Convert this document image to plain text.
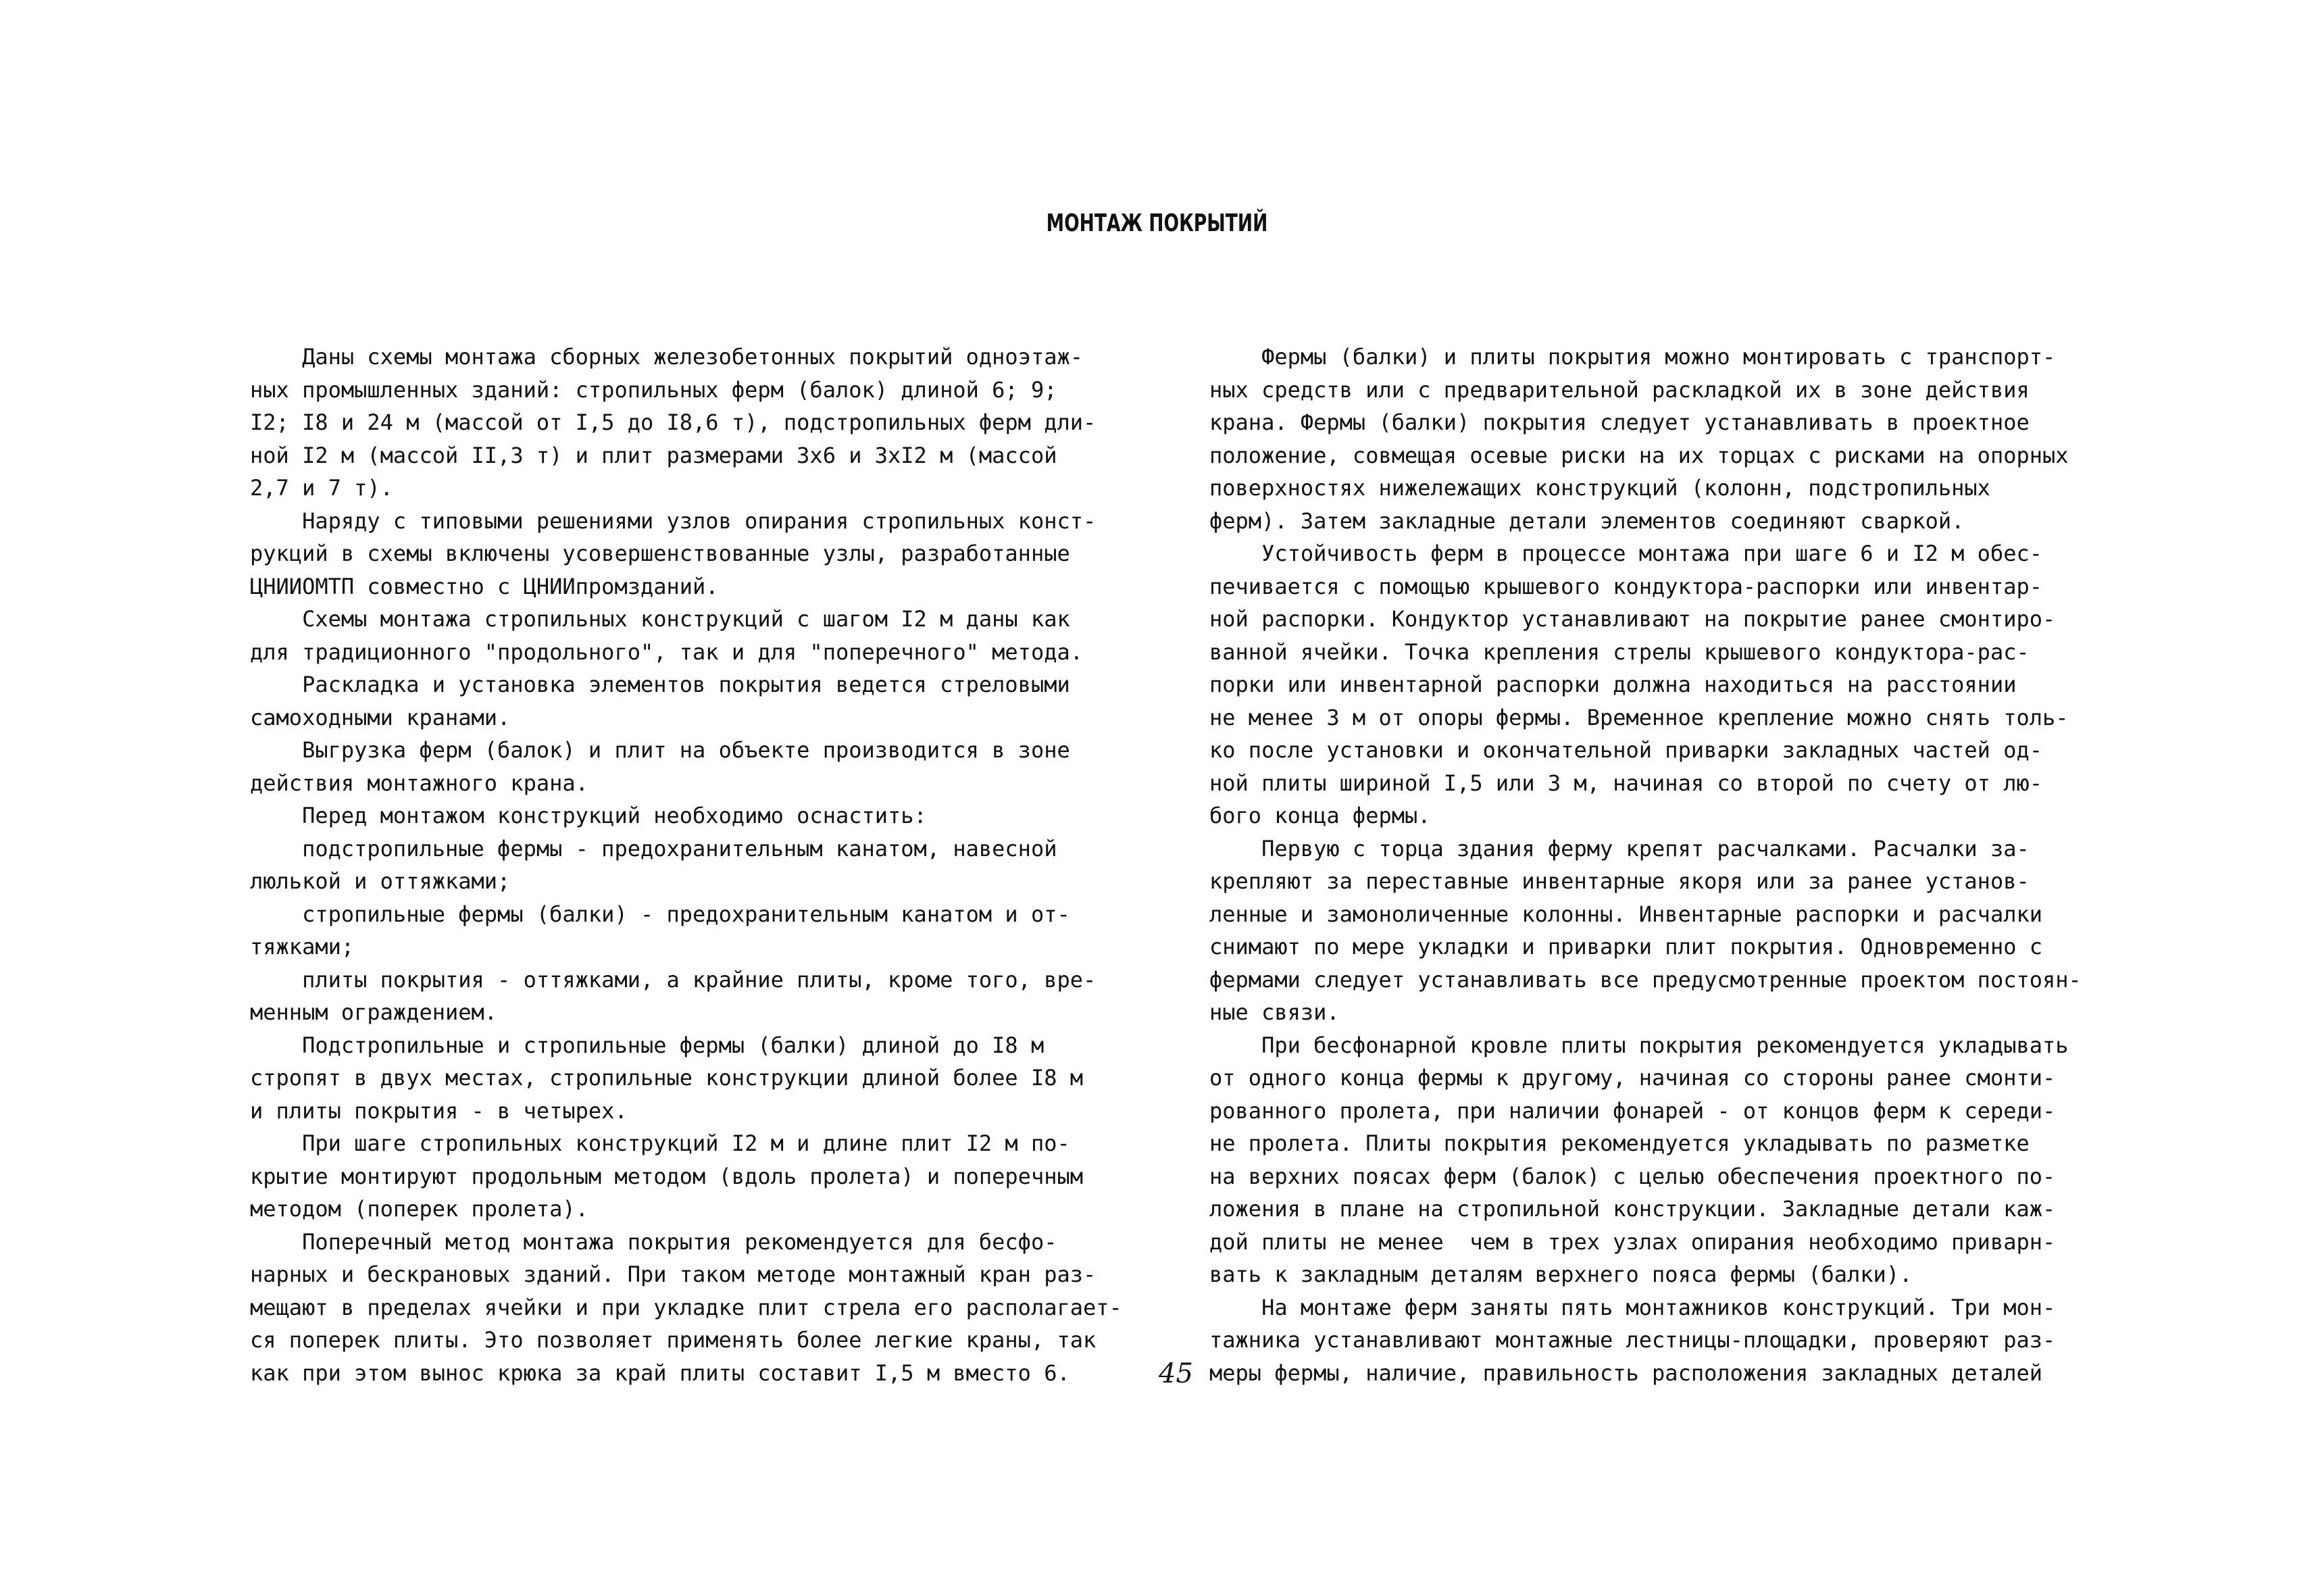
МОНТАЖ ПОКРЫТИЙ
Даны схемы монтажа сборных железобетонных покрытий одноэтаж-
ных промышленных зданий: стропильных ферм (балок) длиной 6; 9;
I2; I8 и 24 м (массой от I,5 до I8,6 т), подстропильных ферм дли-
ной I2 м (массой II,3 т) и плит размерами 3х6 и 3хI2 м (массой
2,7 и 7 т).
Наряду с типовыми решениями узлов опирания стропильных конст-
рукций в схемы включены усовершенствованные узлы, разработанные
ЦНИИОМТП совместно с ЦНИИпромзданий.
Схемы монтажа стропильных конструкций с шагом I2 м даны как
для традиционного "продольного", так и для "поперечного" метода.
Раскладка и установка элементов покрытия ведется стреловыми
самоходными кранами.
Выгрузка ферм (балок) и плит на объекте производится в зоне
действия монтажного крана.
Перед монтажом конструкций необходимо оснастить:
подстропильные фермы - предохранительным канатом, навесной
люлькой и оттяжками;
стропильные фермы (балки) - предохранительным канатом и от-
тяжками;
плиты покрытия - оттяжками, а крайние плиты, кроме того, вре-
менным ограждением.
Подстропильные и стропильные фермы (балки) длиной до I8 м
стропят в двух местах, стропильные конструкции длиной более I8 м
и плиты покрытия - в четырех.
При шаге стропильных конструкций I2 м и длине плит I2 м по-
крытие монтируют продольным методом (вдоль пролета) и поперечным
методом (поперек пролета).
Поперечный метод монтажа покрытия рекомендуется для бесфо-
нарных и бескрановых зданий. При таком методе монтажный кран раз-
мещают в пределах ячейки и при укладке плит стрела его располагает-
ся поперек плиты. Это позволяет применять более легкие краны, так
как при этом вынос крюка за край плиты составит I,5 м вместо 6.
Фермы (балки) и плиты покрытия можно монтировать с транспорт-
ных средств или с предварительной раскладкой их в зоне действия
крана. Фермы (балки) покрытия следует устанавливать в проектное
положение, совмещая осевые риски на их торцах с рисками на опорных
поверхностях нижележащих конструкций (колонн, подстропильных
ферм). Затем закладные детали элементов соединяют сваркой.
Устойчивость ферм в процессе монтажа при шаге 6 и I2 м обес-
печивается с помощью крышевого кондуктора-распорки или инвентар-
ной распорки. Кондуктор устанавливают на покрытие ранее смонтиро-
ванной ячейки. Точка крепления стрелы крышевого кондуктора-рас-
порки или инвентарной распорки должна находиться на расстоянии
не менее 3 м от опоры фермы. Временное крепление можно снять толь-
ко после установки и окончательной приварки закладных частей од-
ной плиты шириной I,5 или 3 м, начиная со второй по счету от лю-
бого конца фермы.
Первую с торца здания ферму крепят расчалками. Расчалки за-
крепляют за переставные инвентарные якоря или за ранее установ-
ленные и замоноличенные колонны. Инвентарные распорки и расчалки
снимают по мере укладки и приварки плит покрытия. Одновременно с
фермами следует устанавливать все предусмотренные проектом постоян-
ные связи.
При бесфонарной кровле плиты покрытия рекомендуется укладывать
от одного конца фермы к другому, начиная со стороны ранее смонти-
рованного пролета, при наличии фонарей - от концов ферм к середи-
не пролета. Плиты покрытия рекомендуется укладывать по разметке
на верхних поясах ферм (балок) с целью обеспечения проектного по-
ложения в плане на стропильной конструкции. Закладные детали каж-
дой плиты не менее  чем в трех узлах опирания необходимо приварн-
вать к закладным деталям верхнего пояса фермы (балки).
На монтаже ферм заняты пять монтажников конструкций. Три мон-
тажника устанавливают монтажные лестницы-площадки, проверяют раз-
меры фермы, наличие, правильность расположения закладных деталей
45
